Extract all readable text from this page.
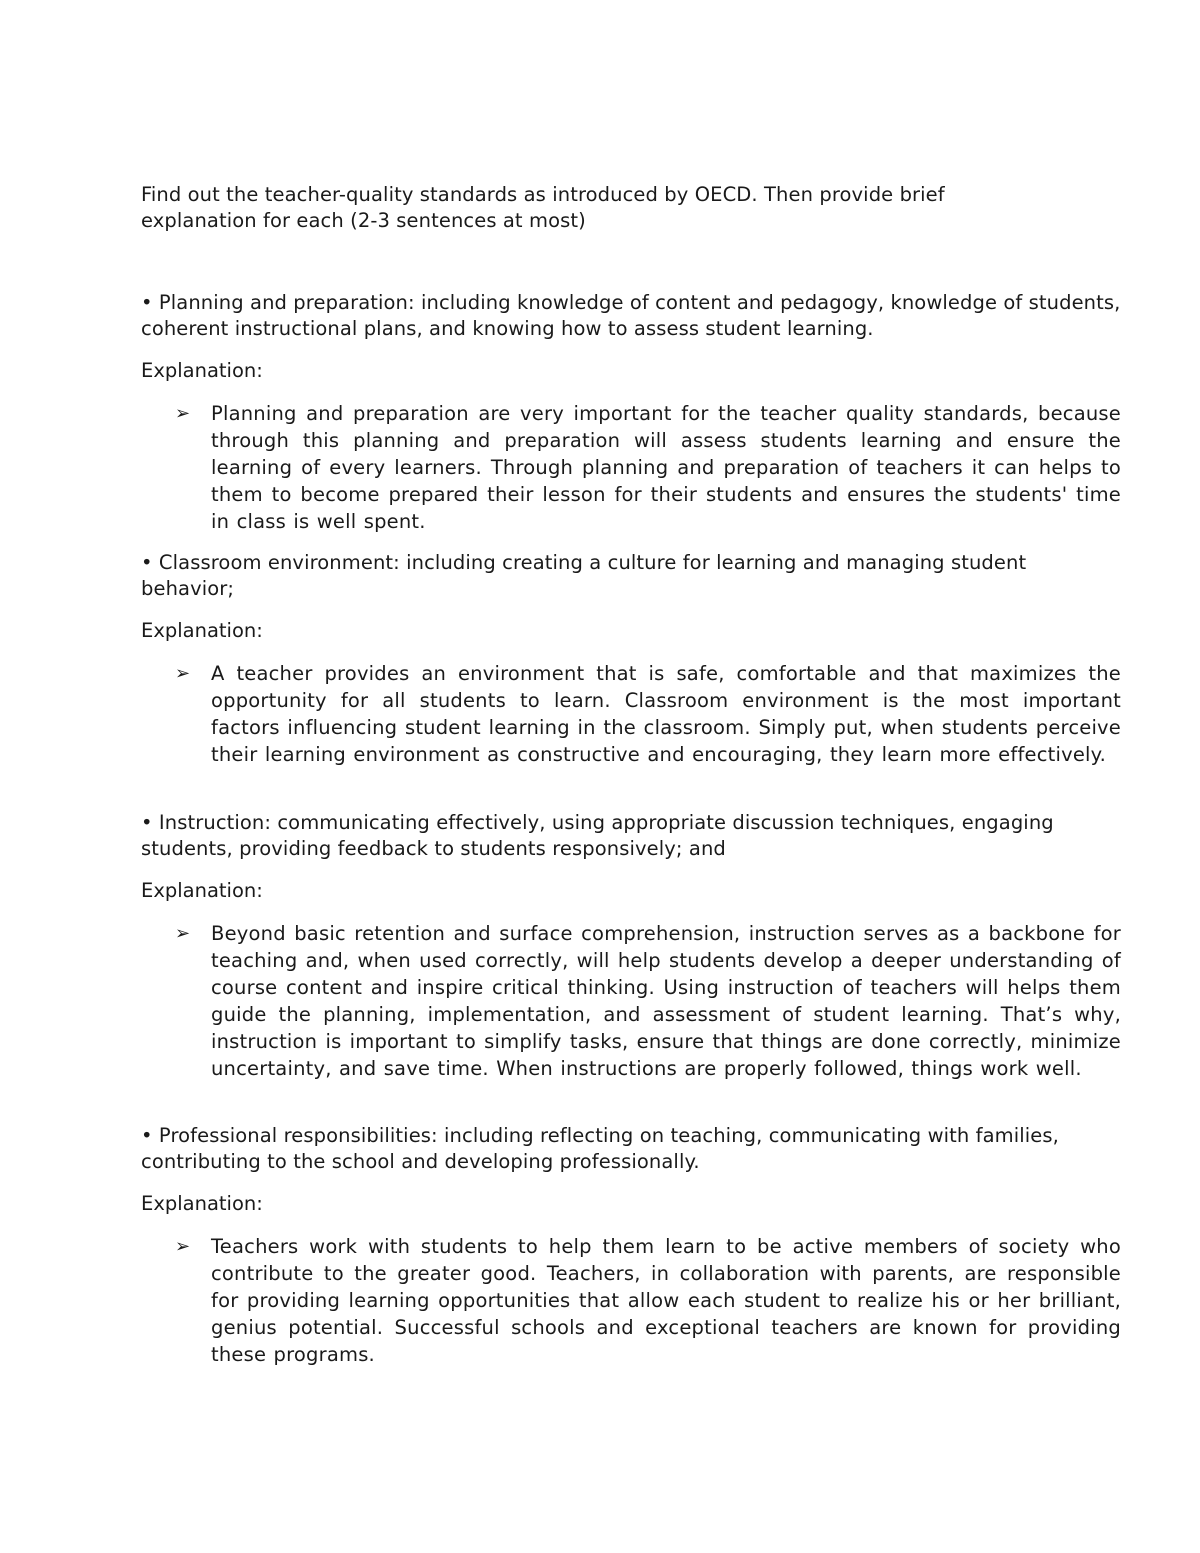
Find out the teacher-quality standards as introduced by OECD. Then provide brief explanation for each (2-3 sentences at most)

• Planning and preparation: including knowledge of content and pedagogy, knowledge of students, coherent instructional plans, and knowing how to assess student learning.

Explanation:

➢	Planning and preparation are very important for the teacher quality standards, because through this planning and preparation will assess students learning and ensure the learning of every learners. Through planning and preparation of teachers it can helps to them to become prepared their lesson for their students and ensures the students' time in class is well spent.

• Classroom environment: including creating a culture for learning and managing student behavior;

Explanation:

➢	A teacher provides an environment that is safe, comfortable and that maximizes the opportunity for all students to learn. Classroom environment is the most important factors influencing student learning in the classroom. Simply put, when students perceive their learning environment as constructive and encouraging, they learn more effectively.

• Instruction: communicating effectively, using appropriate discussion techniques, engaging students, providing feedback to students responsively; and

Explanation:

➢	Beyond basic retention and surface comprehension, instruction serves as a backbone for teaching and, when used correctly, will help students develop a deeper understanding of course content and inspire critical thinking. Using instruction of teachers will helps them guide the planning, implementation, and assessment of student learning. That’s why, instruction is important to simplify tasks, ensure that things are done correctly, minimize uncertainty, and save time. When instructions are properly followed, things work well.

• Professional responsibilities: including reflecting on teaching, communicating with families, contributing to the school and developing professionally.

Explanation:

➢	Teachers work with students to help them learn to be active members of society who contribute to the greater good. Teachers, in collaboration with parents, are responsible for providing learning opportunities that allow each student to realize his or her brilliant, genius potential. Successful schools and exceptional teachers are known for providing these programs.
